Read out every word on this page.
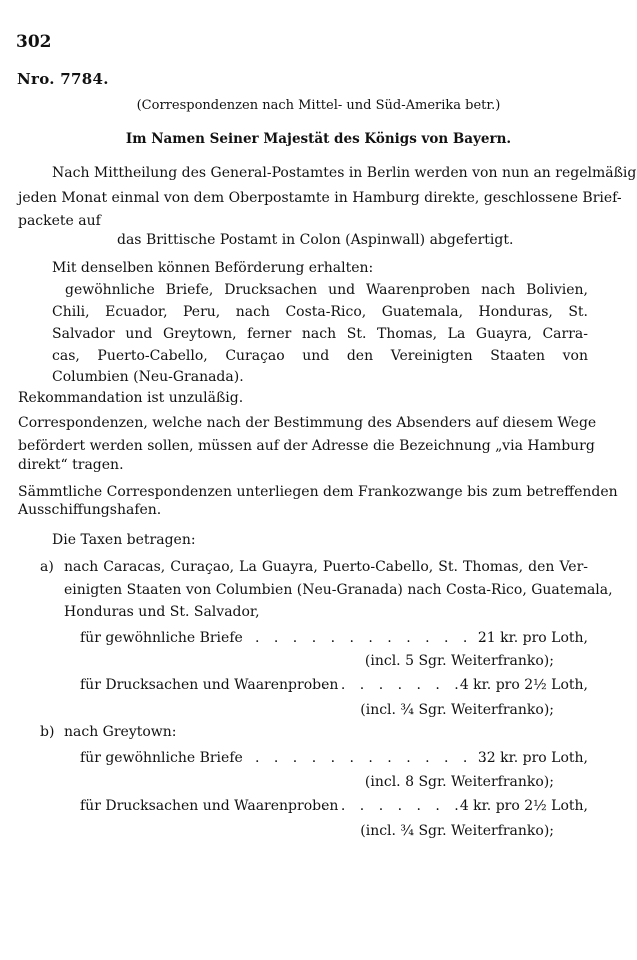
302
Nro. 7784.
(Correspondenzen nach Mittel- und Süd-Amerika betr.)
Im Namen Seiner Majestät des Königs von Bayern.
Nach Mittheilung des General-Postamtes in Berlin werden von nun an regelmäßig
jeden Monat einmal von dem Oberpostamte in Hamburg direkte, geschlossene Brief-
packete auf
das Brittische Postamt in Colon (Aspinwall) abgefertigt.
Mit denselben können Beförderung erhalten:
gewöhnliche Briefe, Drucksachen und Waarenproben nach Bolivien,
Chili, Ecuador, Peru, nach Costa-Rico, Guatemala, Honduras, St.
Salvador und Greytown, ferner nach St. Thomas, La Guayra, Carra-
cas, Puerto-Cabello, Curaçao und den Vereinigten Staaten von
Columbien (Neu-Granada).
Rekommandation ist unzuläßig.
Correspondenzen, welche nach der Bestimmung des Absenders auf diesem Wege
befördert werden sollen, müssen auf der Adresse die Bezeichnung „via Hamburg
direkt“ tragen.
Sämmtliche Correspondenzen unterliegen dem Frankozwange bis zum betreffenden
Ausschiffungshafen.
Die Taxen betragen:
a) nach Caracas, Curaçao, La Guayra, Puerto-Cabello, St. Thomas, den Ver-
einigten Staaten von Columbien (Neu-Granada) nach Costa-Rico, Guatemala,
Honduras und St. Salvador,
für gewöhnliche Briefe . . . . . . . . . . . . . .
21 kr. pro Loth,
(incl. 5 Sgr. Weiterfranko);
für Drucksachen und Waarenproben
. . . . . . . .
4 kr. pro 2½ Loth,
(incl. ¾ Sgr. Weiterfranko);
b) nach Greytown:
für gewöhnliche Briefe . . . . . . . . . . . . . .
32 kr. pro Loth,
(incl. 8 Sgr. Weiterfranko);
für Drucksachen und Waarenproben
. . . . . . . .
4 kr. pro 2½ Loth,
(incl. ¾ Sgr. Weiterfranko);
